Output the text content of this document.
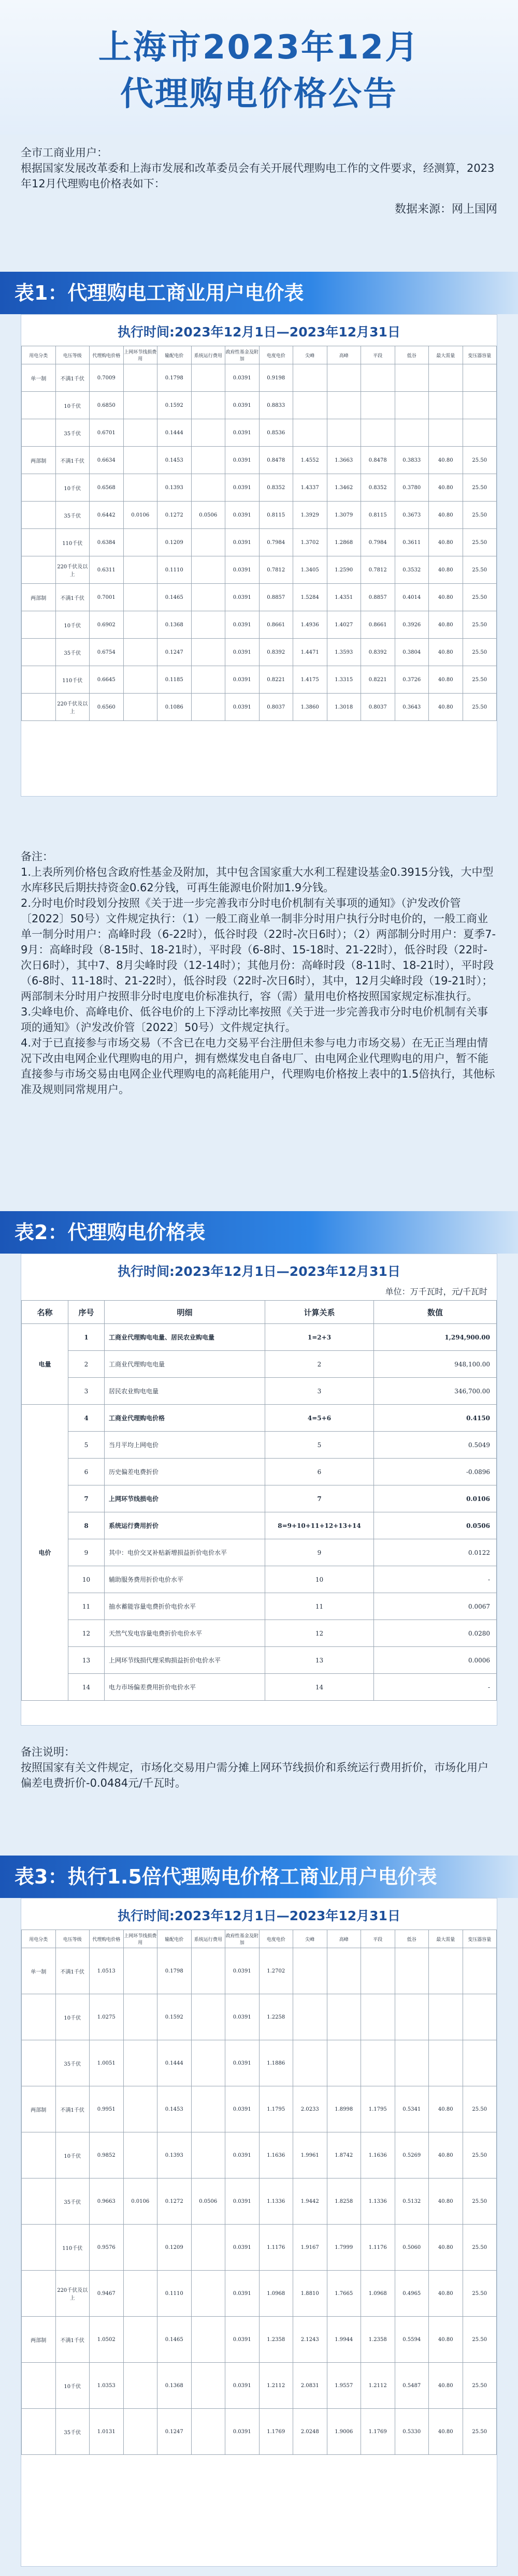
上海市2023年12月
代理购电价格公告
全市工商业用户：
根据国家发展改革委和上海市发展和改革委员会有关开展代理购电工作的文件要求，经测算，2023年12月代理购电价格表如下：
数据来源：网上国网
表1：代理购电工商业用户电价表
执行时间:2023年12月1日—2023年12月31日
用电分类	电压等级	代理购电价格	上网环节线损费用	输配电价	系统运行费用	政府性基金及附加	电度电价	尖峰	高峰	平段	低谷	最大需量	变压器容量
单一制	不满1千伏	0.7009		0.1798		0.0391	0.9198						
	10千伏	0.6850		0.1592		0.0391	0.8833						
	35千伏	0.6701		0.1444		0.0391	0.8536						
两部制	不满1千伏	0.6634		0.1453		0.0391	0.8478	1.4552	1.3663	0.8478	0.3833	40.80	25.50
	10千伏	0.6568		0.1393		0.0391	0.8352	1.4337	1.3462	0.8352	0.3780	40.80	25.50
	35千伏	0.6442	0.0106	0.1272	0.0506	0.0391	0.8115	1.3929	1.3079	0.8115	0.3673	40.80	25.50
	110千伏	0.6384		0.1209		0.0391	0.7984	1.3702	1.2868	0.7984	0.3611	40.80	25.50
	220千伏及以上	0.6311		0.1110		0.0391	0.7812	1.3405	1.2590	0.7812	0.3532	40.80	25.50
两部制	不满1千伏	0.7001		0.1465		0.0391	0.8857	1.5284	1.4351	0.8857	0.4014	40.80	25.50
	10千伏	0.6902		0.1368		0.0391	0.8661	1.4936	1.4027	0.8661	0.3926	40.80	25.50
	35千伏	0.6754		0.1247		0.0391	0.8392	1.4471	1.3593	0.8392	0.3804	40.80	25.50
	110千伏	0.6645		0.1185		0.0391	0.8221	1.4175	1.3315	0.8221	0.3726	40.80	25.50
	220千伏及以上	0.6560		0.1086		0.0391	0.8037	1.3860	1.3018	0.8037	0.3643	40.80	25.50

备注：

1.上表所列价格包含政府性基金及附加，其中包含国家重大水利工程建设基金0.3915分钱，大中型水库移民后期扶持资金0.62分钱，可再生能源电价附加1.9分钱。

2.分时电价时段划分按照《关于进一步完善我市分时电价机制有关事项的通知》（沪发改价管〔2022〕50号）文件规定执行：（1）一般工商业单一制非分时用户执行分时电价的，一般工商业单一制分时用户：高峰时段（6-22时），低谷时段（22时-次日6时）；（2）两部制分时用户：夏季7-9月：高峰时段（8-15时、18-21时），平时段（6-8时、15-18时、21-22时），低谷时段（22时-次日6时），其中7、8月尖峰时段（12-14时）；其他月份：高峰时段（8-11时、18-21时），平时段（6-8时、11-18时、21-22时），低谷时段（22时-次日6时），其中，12月尖峰时段（19-21时）；两部制未分时用户按照非分时电度电价标准执行，容（需）量用电价格按照国家规定标准执行。

3.尖峰电价、高峰电价、低谷电价的上下浮动比率按照《关于进一步完善我市分时电价机制有关事项的通知》（沪发改价管〔2022〕50号）文件规定执行。

4.对于已直接参与市场交易（不含已在电力交易平台注册但未参与电力市场交易）在无正当理由情况下改由电网企业代理购电的用户，拥有燃煤发电自备电厂、由电网企业代理购电的用户，暂不能直接参与市场交易由电网企业代理购电的高耗能用户，代理购电价格按上表中的1.5倍执行，其他标准及规则同常规用户。

表2：代理购电价格表
执行时间:2023年12月1日—2023年12月31日
单位：万千瓦时，元/千瓦时
名称	序号	明细	计算关系	数值
电量	1	工商业代理购电电量、居民农业购电量	1=2+3	1,294,900.00
	2	工商业代理购电电量	2	948,100.00
	3	居民农业购电电量	3	346,700.00
电价	4	工商业代理购电价格	4=5+6	0.4150
	5	当月平均上网电价	5	0.5049
	6	历史偏差电费折价	6	-0.0896
	7	上网环节线损电价	7	0.0106
	8	系统运行费用折价	8=9+10+11+12+13+14	0.0506
	9	其中：电价交叉补贴新增损益折价电价水平	9	0.0122
	10	辅助服务费用折价电价水平	10	-
	11	抽水蓄能容量电费折价电价水平	11	0.0067
	12	天然气发电容量电费折价电价水平	12	0.0280
	13	上网环节线损代理采购损益折价电价水平	13	0.0006
	14	电力市场偏差费用折价电价水平	14	-

备注说明：

按照国家有关文件规定，市场化交易用户需分摊上网环节线损价和系统运行费用折价，市场化用户偏差电费折价-0.0484元/千瓦时。

表3：执行1.5倍代理购电价格工商业用户电价表
执行时间:2023年12月1日—2023年12月31日
用电分类	电压等级	代理购电价格	上网环节线损费用	输配电价	系统运行费用	政府性基金及附加	电度电价	尖峰	高峰	平段	低谷	最大需量	变压器容量
单一制	不满1千伏	1.0513		0.1798		0.0391	1.2702						
	10千伏	1.0275		0.1592		0.0391	1.2258						
	35千伏	1.0051		0.1444		0.0391	1.1886						
两部制	不满1千伏	0.9951		0.1453		0.0391	1.1795	2.0233	1.8998	1.1795	0.5341	40.80	25.50
	10千伏	0.9852		0.1393		0.0391	1.1636	1.9961	1.8742	1.1636	0.5269	40.80	25.50
	35千伏	0.9663	0.0106	0.1272	0.0506	0.0391	1.1336	1.9442	1.8258	1.1336	0.5132	40.80	25.50
	110千伏	0.9576		0.1209		0.0391	1.1176	1.9167	1.7999	1.1176	0.5060	40.80	25.50
	220千伏及以上	0.9467		0.1110		0.0391	1.0968	1.8810	1.7665	1.0968	0.4965	40.80	25.50
两部制	不满1千伏	1.0502		0.1465		0.0391	1.2358	2.1243	1.9944	1.2358	0.5594	40.80	25.50
	10千伏	1.0353		0.1368		0.0391	1.2112	2.0831	1.9557	1.2112	0.5487	40.80	25.50
	35千伏	1.0131		0.1247		0.0391	1.1769	2.0248	1.9006	1.1769	0.5330	40.80	25.50
